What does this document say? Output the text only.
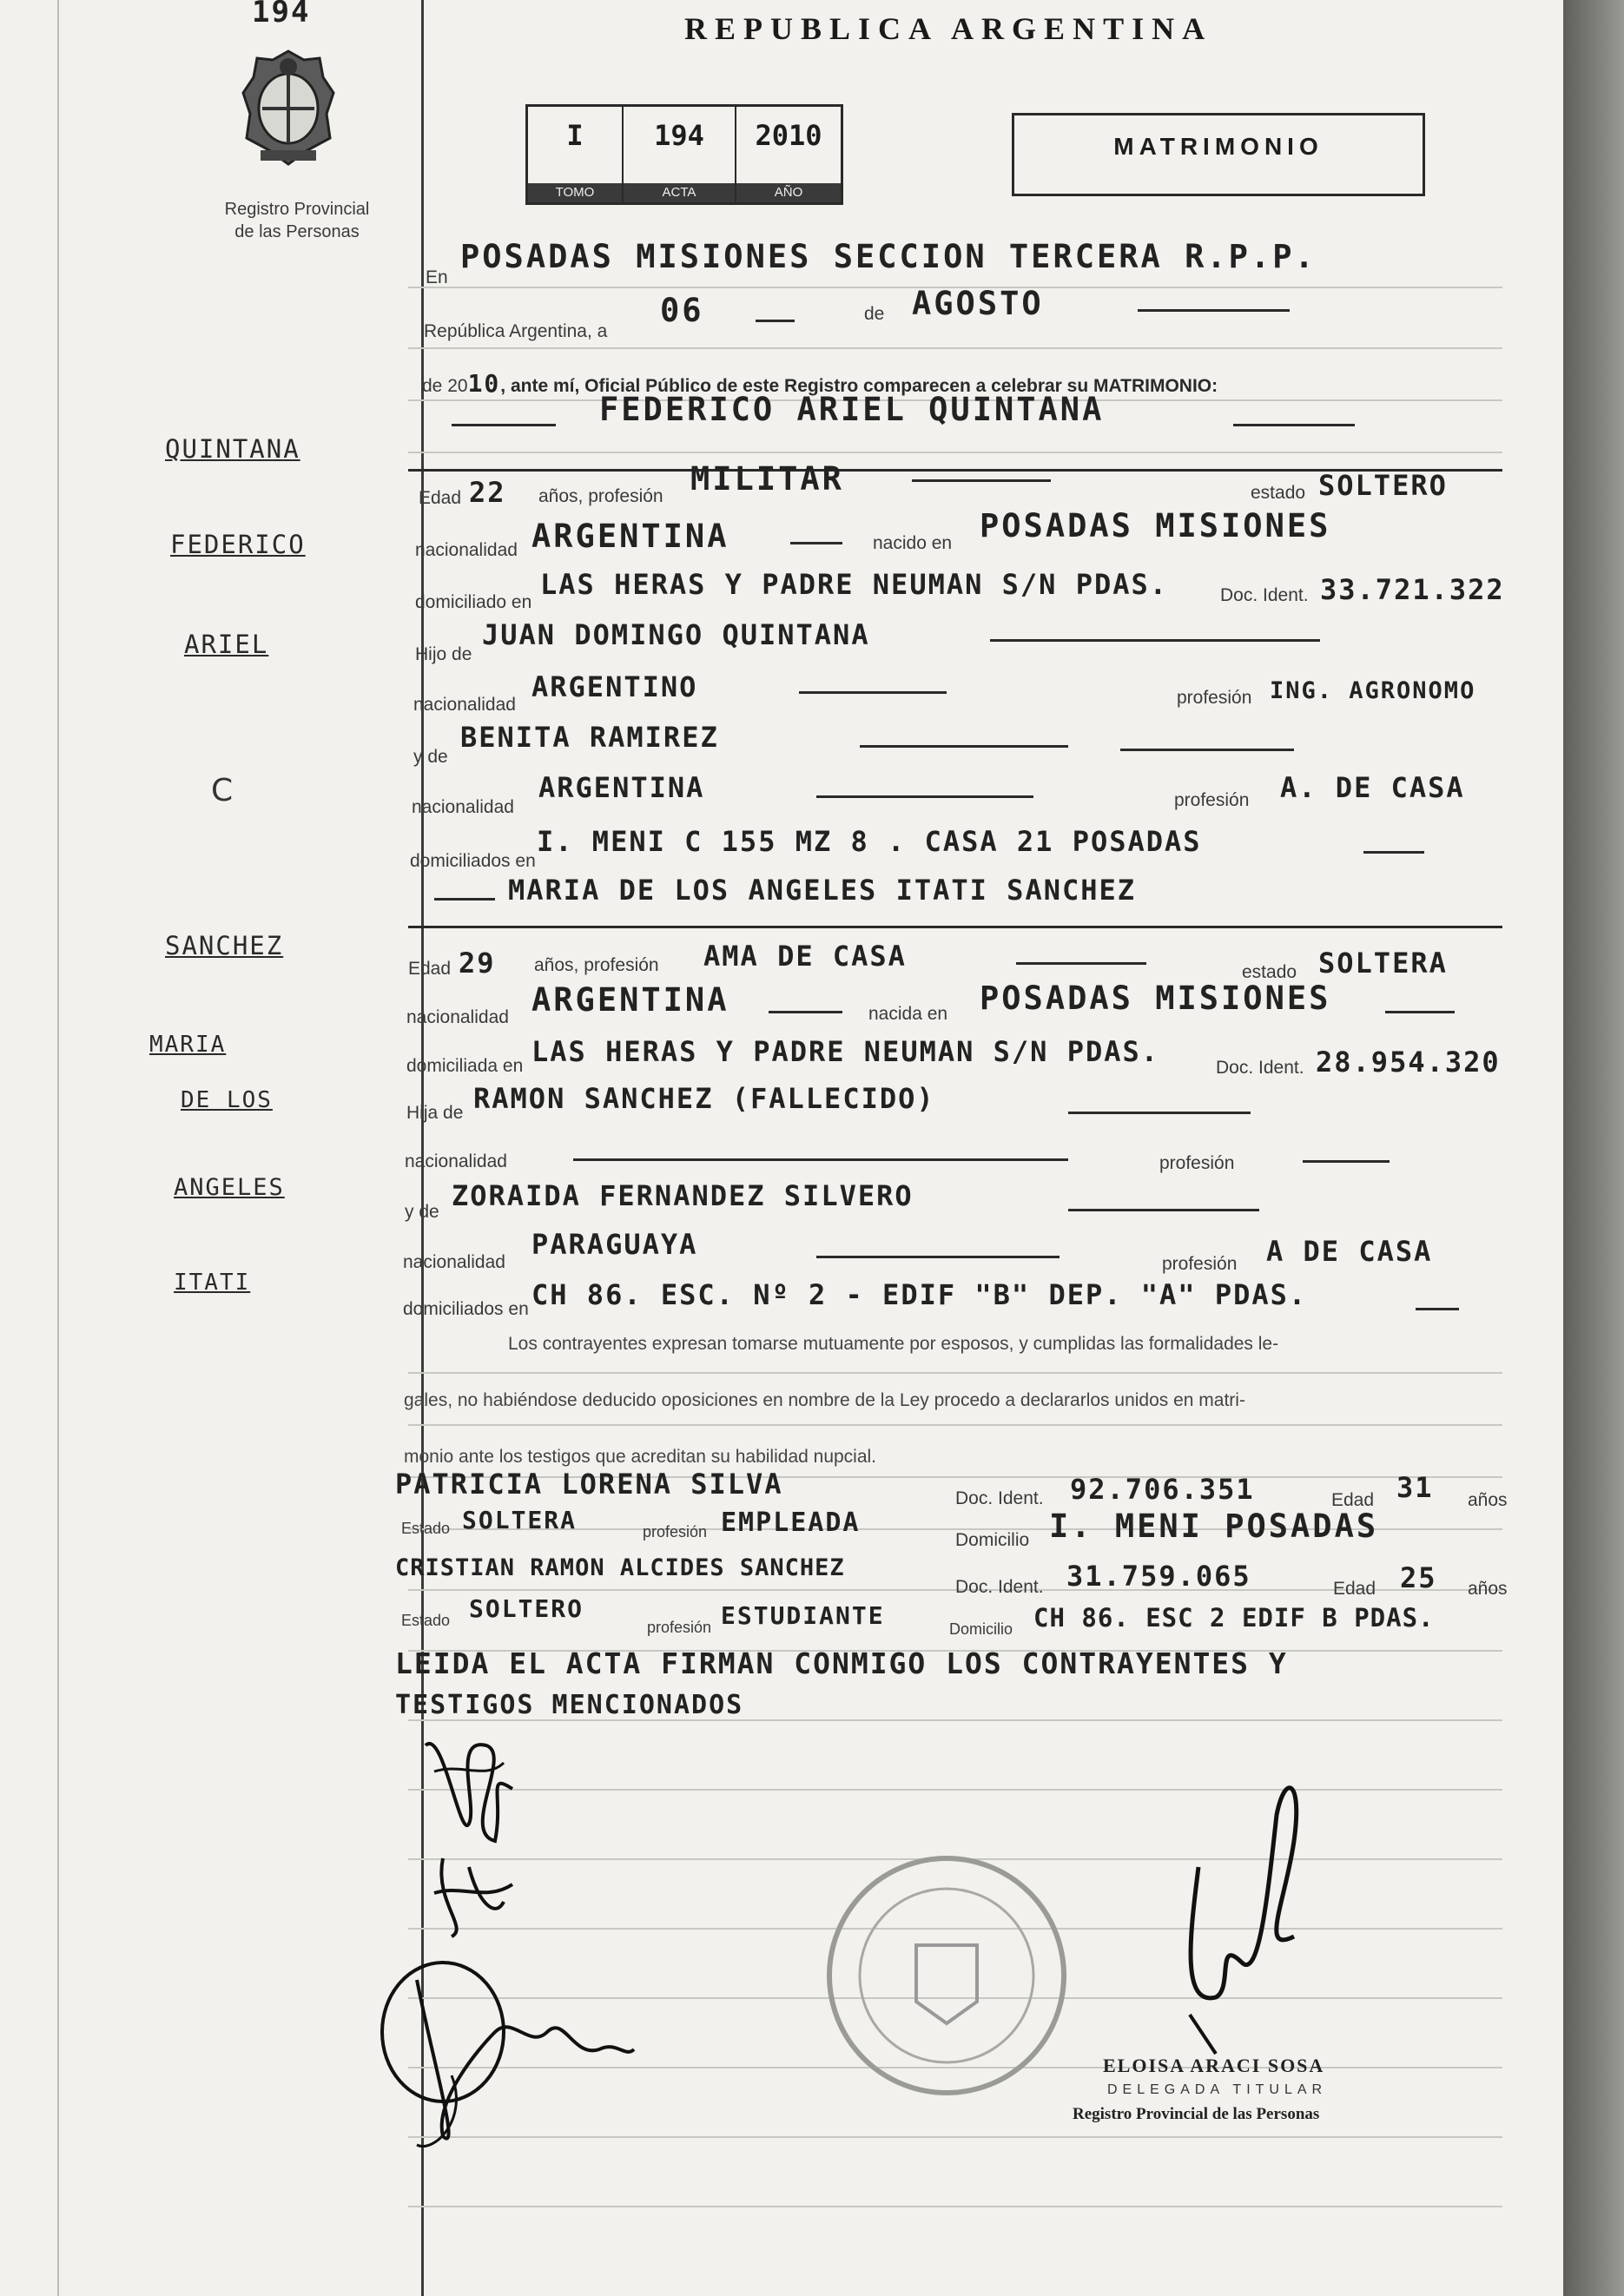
194
Registro Provincial
de las Personas
REPUBLICA ARGENTINA
I
TOMO
194
ACTA
2010
AÑO
MATRIMONIO
QUINTANA
FEDERICO
ARIEL
C
SANCHEZ
MARIA
DE LOS
ANGELES
ITATI
En
POSADAS MISIONES SECCION TERCERA R.P.P.
República Argentina, a
06	de AGOSTO
de 2010, ante mí, Oficial Público de este Registro comparecen a celebrar su MATRIMONIO:
FEDERICO ARIEL QUINTANA
Edad 22 años, profesión MILITAR	estado SOLTERO
nacionalidad ARGENTINA	nacido en POSADAS MISIONES
domiciliado en
LAS HERAS Y PADRE NEUMAN S/N PDAS.	Doc. Ident. 33.721.322
Hijo de
JUAN DOMINGO QUINTANA
nacionalidad
ARGENTINO	profesión ING. AGRONOMO
y de
BENITA RAMIREZ
nacionalidad
ARGENTINA	profesión A. DE CASA
domiciliados en
I. MENI C 155 MZ 8 . CASA 21 POSADAS
MARIA DE LOS ANGELES ITATI SANCHEZ
Edad 29 años, profesión AMA DE CASA	estado SOLTERA
nacionalidad ARGENTINA	nacida en POSADAS MISIONES
domiciliada en LAS HERAS Y PADRE NEUMAN S/N PDAS.	Doc. Ident. 28.954.320
Hija de RAMON SANCHEZ (FALLECIDO)
nacionalidad	profesión
y de ZORAIDA FERNANDEZ SILVERO
nacionalidad
PARAGUAYA
profesión A DE CASA
domiciliados en CH 86. ESC. Nº 2 - EDIF "B" DEP. "A" PDAS.
Los contrayentes expresan tomarse mutuamente por esposos, y cumplidas las formalidades le-
gales, no habiéndose deducido oposiciones en nombre de la Ley procedo a declararlos unidos en matri-
monio ante los testigos que acreditan su habilidad nupcial.
PATRICIA LORENA SILVA	Doc. Ident. 92.706.351	Edad 31 años
Estado SOLTERA	profesión EMPLEADA
Domicilio I. MENI POSADAS
CRISTIAN RAMON ALCIDES SANCHEZ
Doc. Ident. 31.759.065	Edad 25 años
Estado SOLTERO
profesión ESTUDIANTE	Domicilio CH 86. ESC 2 EDIF B PDAS.
LEIDA EL ACTA FIRMAN CONMIGO LOS CONTRAYENTES Y
TESTIGOS MENCIONADOS
ELOISA ARACI SOSA
DELEGADA TITULAR
Registro Provincial de las Personas
